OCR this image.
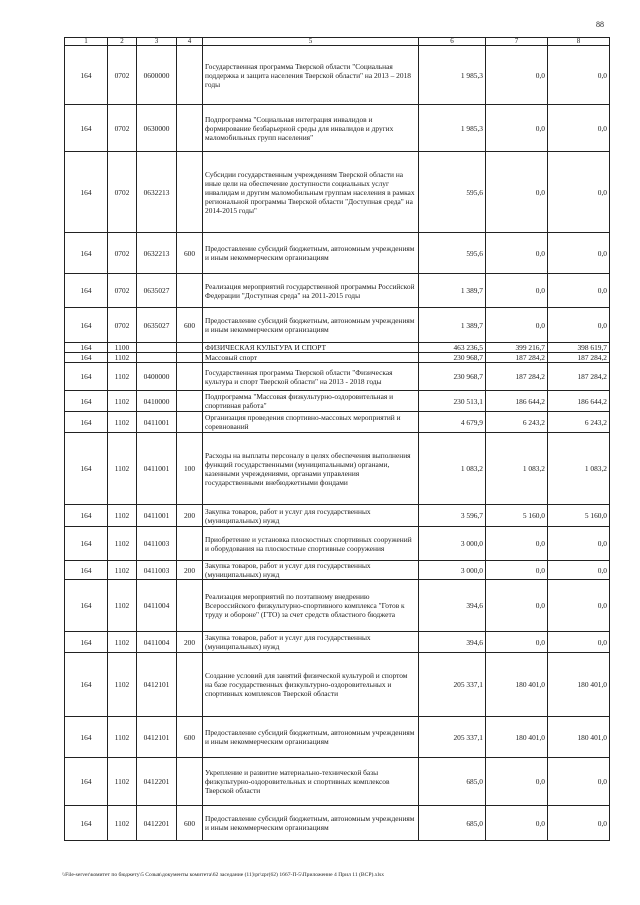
88
1	2	3	4	5	6	7	8
164	0702	0600000		Государственная программа Тверской области "Социальная поддержка и защита населения Тверской области" на 2013 – 2018 годы	1 985,3	0,0	0,0
164	0702	0630000		Подпрограмма "Социальная интеграция инвалидов и формирование безбарьерной среды для инвалидов и других маломобильных групп населения"	1 985,3	0,0	0,0
164	0702	0632213		Субсидии государственным учреждениям Тверской области на иные цели на обеспечение доступности социальных услуг инвалидам и другим маломобильным группам населения в рамках региональной программы Тверской области "Доступная среда" на 2014-2015 годы"	595,6	0,0	0,0
164	0702	0632213	600	Предоставление субсидий бюджетным, автономным учреждениям и иным некоммерческим организациям	595,6	0,0	0,0
164	0702	0635027		Реализация мероприятий государственной программы Российской Федерации "Доступная среда" на 2011-2015 годы	1 389,7	0,0	0,0
164	0702	0635027	600	Предоставление субсидий бюджетным, автономным учреждениям и иным некоммерческим организациям	1 389,7	0,0	0,0
164	1100			ФИЗИЧЕСКАЯ КУЛЬТУРА И СПОРТ	463 236,5	399 216,7	398 619,7
164	1102			Массовый спорт	230 968,7	187 284,2	187 284,2
164	1102	0400000		Государственная программа Тверской области "Физическая культура и спорт Тверской области" на 2013 - 2018 годы	230 968,7	187 284,2	187 284,2
164	1102	0410000		Подпрограмма "Массовая физкультурно-оздоровительная и спортивная работа"	230 513,1	186 644,2	186 644,2
164	1102	0411001		Организация проведения спортивно-массовых мероприятий и соревнований	4 679,9	6 243,2	6 243,2
164	1102	0411001	100	Расходы на выплаты персоналу в целях обеспечения выполнения функций государственными (муниципальными) органами, казенными учреждениями, органами управления государственными внебюджетными фондами	1 083,2	1 083,2	1 083,2
164	1102	0411001	200	Закупка товаров, работ и услуг для государственных (муниципальных) нужд	3 596,7	5 160,0	5 160,0
164	1102	0411003		Приобретение и установка плоскостных спортивных сооружений и оборудования на плоскостные спортивные сооружения	3 000,0	0,0	0,0
164	1102	0411003	200	Закупка товаров, работ и услуг для государственных (муниципальных) нужд	3 000,0	0,0	0,0
164	1102	0411004		Реализация мероприятий по поэтапному внедрению Всероссийского физкультурно-спортивного комплекса "Готов к труду и обороне" (ГТО) за счет средств областного бюджета	394,6	0,0	0,0
164	1102	0411004	200	Закупка товаров, работ и услуг для государственных (муниципальных) нужд	394,6	0,0	0,0
164	1102	0412101		Создание условий для занятий физической культурой и спортом на базе государственных физкультурно-оздоровительных и спортивных комплексов Тверской области	205 337,1	180 401,0	180 401,0
164	1102	0412101	600	Предоставление субсидий бюджетным, автономным учреждениям и иным некоммерческим организациям	205 337,1	180 401,0	180 401,0
164	1102	0412201		Укрепление и развитие материально-технической базы физкультурно-оздоровительных и спортивных комплексов Тверской области	685,0	0,0	0,0
164	1102	0412201	600	Предоставление субсидий бюджетным, автономным учреждениям и иным некоммерческим организациям	685,0	0,0	0,0
\\File-server\комитет по бюджету\5 Созыв\документы комитета\62 заседание (11)\pr\zpr(62) 1667-П-5\Приложение 4 Прил 11 (ВСР).xlsx
